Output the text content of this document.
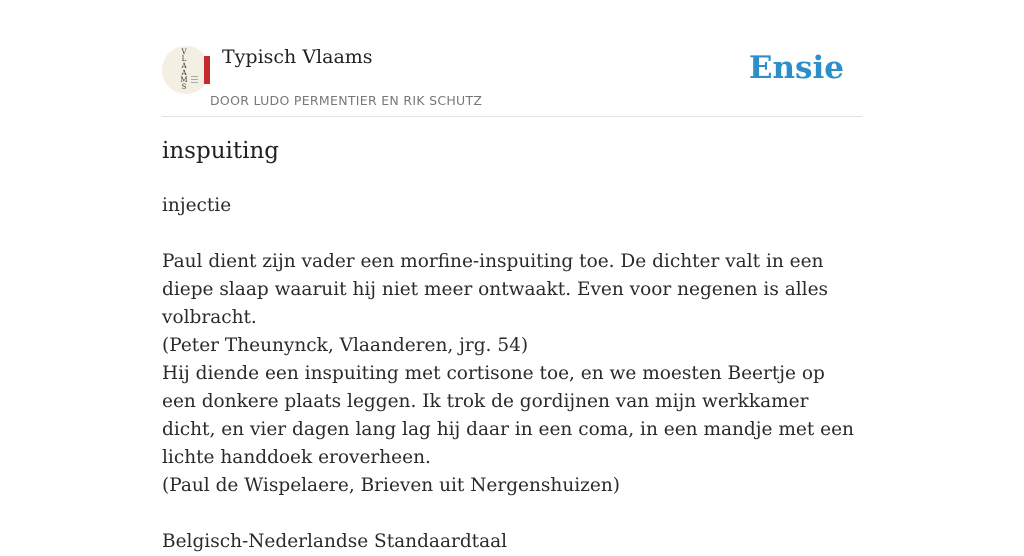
V L A A M S
Typisch Vlaams
DOOR LUDO PERMENTIER EN RIK SCHUTZ
Ensie
inspuiting

injectie

Paul dient zijn vader een morfine-inspuiting toe. De dichter valt in een diepe slaap waaruit hij niet meer ontwaakt. Even voor negenen is alles volbracht.

(Peter Theunynck, Vlaanderen, jrg. 54)

Hij diende een inspuiting met cortisone toe, en we moesten Beertje op een donkere plaats leggen. Ik trok de gordijnen van mijn werkkamer dicht, en vier dagen lang lag hij daar in een coma, in een mandje met een lichte handdoek eroverheen.

(Paul de Wispelaere, Brieven uit Nergenshuizen)

Belgisch-Nederlandse Standaardtaal
